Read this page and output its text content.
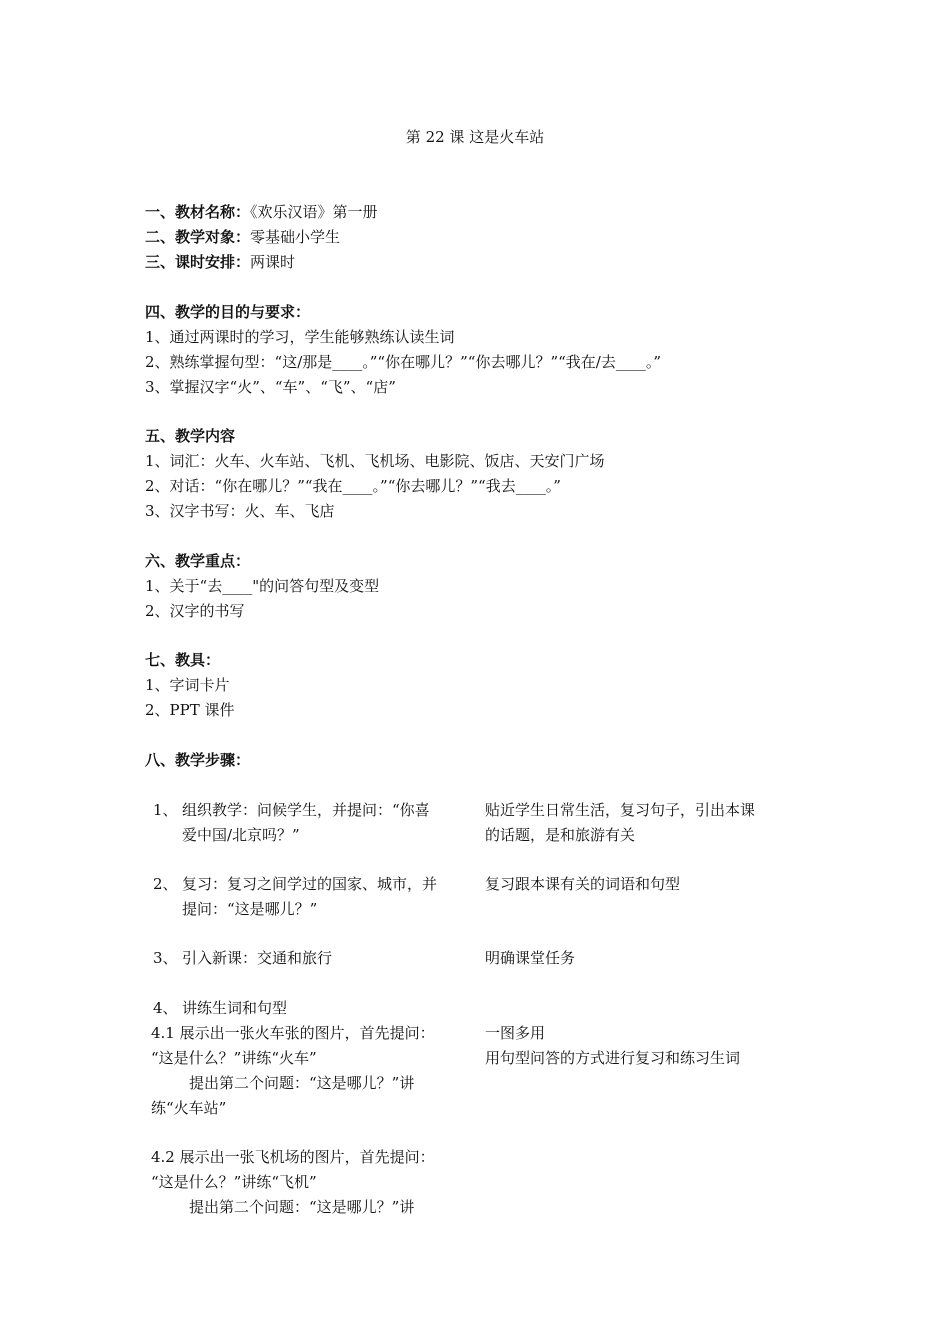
第 22 课 这是火车站
一、教材名称：《欢乐汉语》第一册
二、教学对象：零基础小学生
三、课时安排：两课时
四、教学的目的与要求：
1、通过两课时的学习，学生能够熟练认读生词
2、熟练掌握句型：“这/那是____。”“你在哪儿？”“你去哪儿？”“我在/去____。”
3、掌握汉字“火”、“车”、“飞”、“店”
五、教学内容
1、词汇：火车、火车站、飞机、飞机场、电影院、饭店、天安门广场
2、对话：“你在哪儿？”“我在____。”“你去哪儿？”“我去____。”
3、汉字书写：火、车、飞店
六、教学重点：
1、关于“去____"的问答句型及变型
2、汉字的书写
七、教具：
1、字词卡片
2、PPT 课件
八、教学步骤：
1、 组织教学：问候学生，并提问：“你喜
爱中国/北京吗？”
贴近学生日常生活，复习句子，引出本课
的话题，是和旅游有关
2、 复习：复习之间学过的国家、城市，并
提问：“这是哪儿？”
复习跟本课有关的词语和句型
3、 引入新课：交通和旅行	明确课堂任务
4、 讲练生词和句型
4.1 展示出一张火车张的图片，首先提问：
“这是什么？”讲练“火车”
提出第二个问题：“这是哪儿？”讲
练“火车站”
一图多用
用句型问答的方式进行复习和练习生词
4.2 展示出一张飞机场的图片，首先提问：
“这是什么？”讲练“飞机”
提出第二个问题：“这是哪儿？”讲
